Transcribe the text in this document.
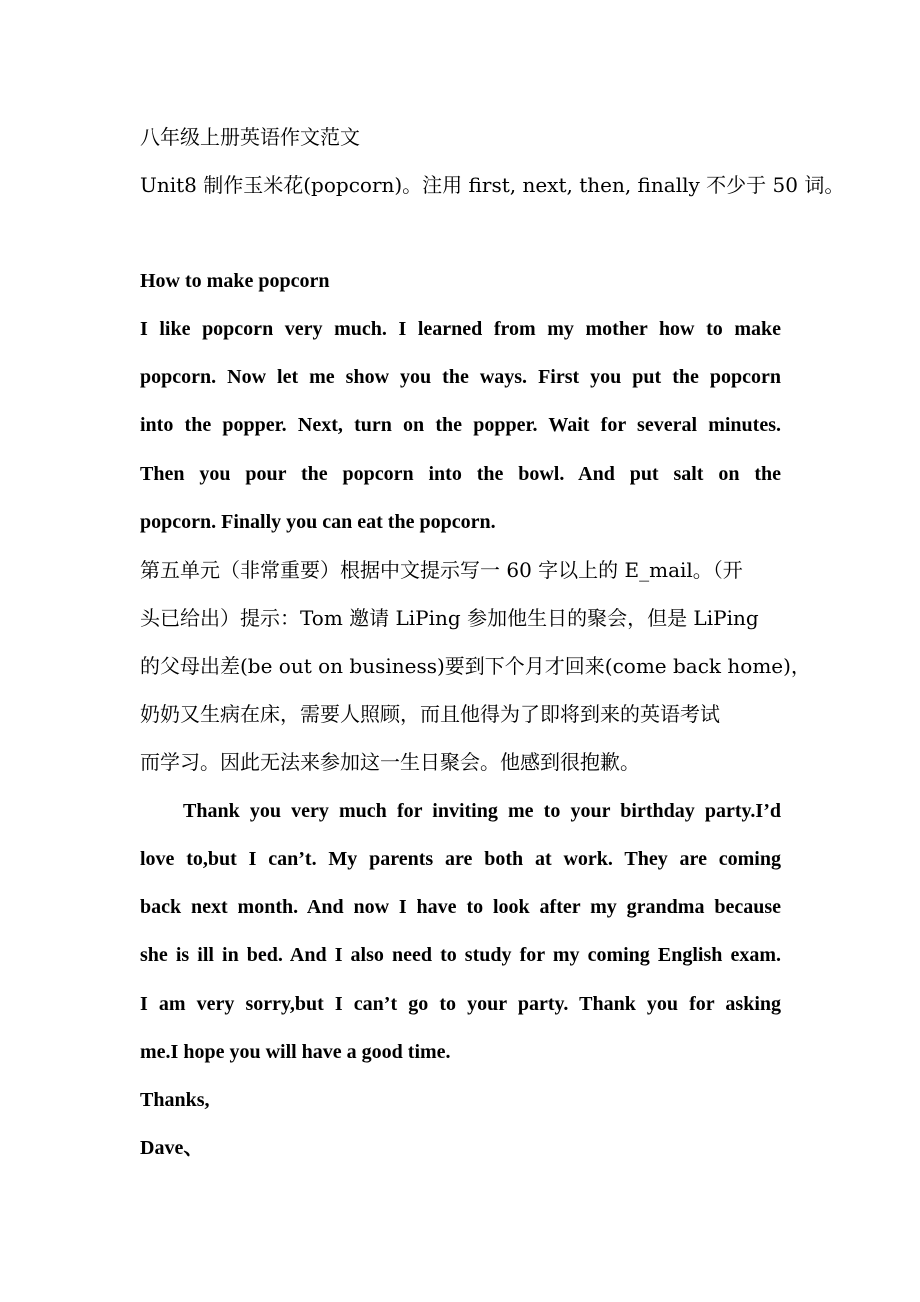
八年级上册英语作文范文
Unit8 制作玉米花(popcorn)。注用 first, next, then, finally 不少于 50 词。
How to make popcorn
I like popcorn very much. I learned from my mother how to make
popcorn. Now let me show you the ways. First you put the popcorn
into the popper. Next, turn on the popper. Wait for several minutes.
Then you pour the popcorn into the bowl. And put salt on the
popcorn. Finally you can eat the popcorn.
第五单元（非常重要）根据中文提示写一 60 字以上的 E_mail。（开
头已给出）提示：Tom 邀请 LiPing 参加他生日的聚会，但是 LiPing
的父母出差(be out on business)要到下个月才回来(come back home)，
奶奶又生病在床，需要人照顾，而且他得为了即将到来的英语考试
而学习。因此无法来参加这一生日聚会。他感到很抱歉。
Thank you very much for inviting me to your birthday party.I’d
love to,but I can’t. My parents are both at work. They are coming
back next month. And now I have to look after my grandma because
she is ill in bed. And I also need to study for my coming English exam.
I am very sorry,but I can’t go to your party. Thank you for asking
me.I hope you will have a good time.
Thanks,
Dave、
